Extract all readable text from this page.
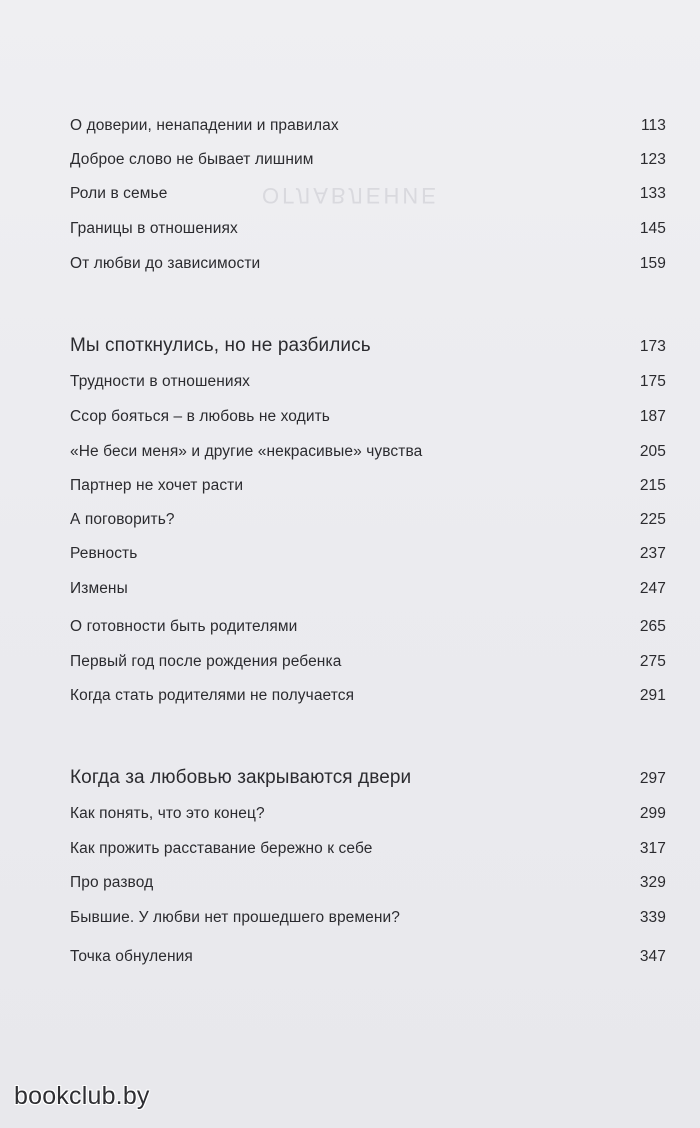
ОГЛАВЛЕНИЕ
О доверии, ненападении и правилах	113
Доброе слово не бывает лишним	123
Роли в семье	133
Границы в отношениях	145
От любви до зависимости	159
Мы споткнулись, но не разбились	173
Трудности в отношениях	175
Ссор бояться – в любовь не ходить	187
«Не беси меня» и другие «некрасивые» чувства	205
Партнер не хочет расти	215
А поговорить?	225
Ревность	237
Измены	247
О готовности быть родителями	265
Первый год после рождения ребенка	275
Когда стать родителями не получается	291
Когда за любовью закрываются двери	297
Как понять, что это конец?	299
Как прожить расставание бережно к себе	317
Про развод	329
Бывшие. У любви нет прошедшего времени?	339
Точка обнуления	347
bookclub.by
